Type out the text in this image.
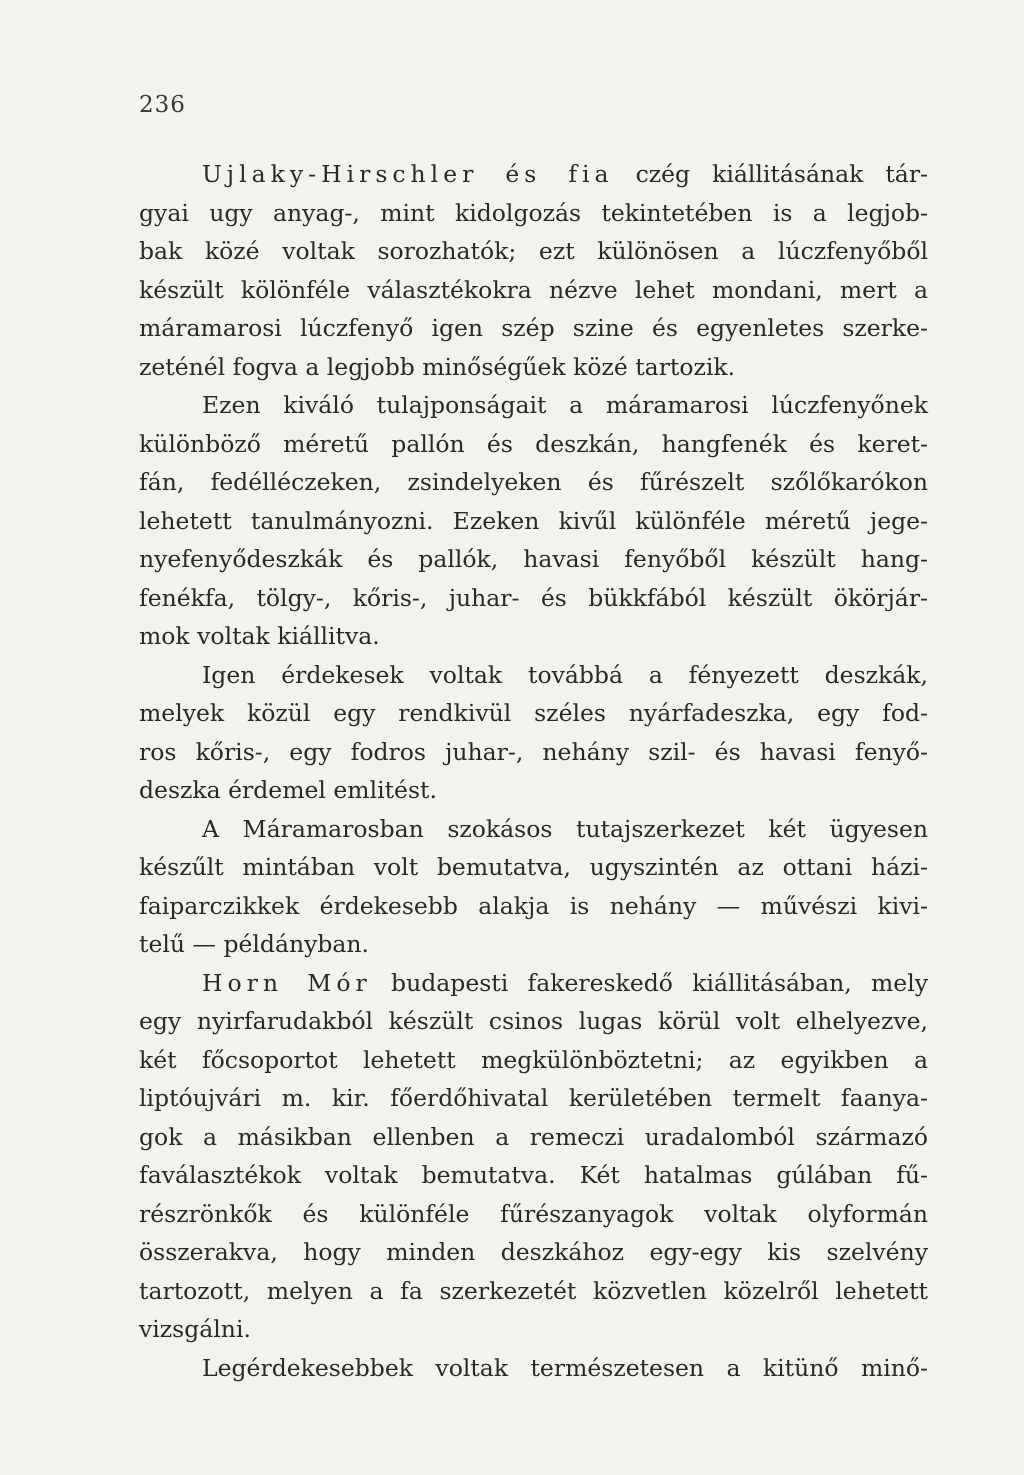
236
Ujlaky-Hirschler és fia czég kiállitásának tár-
gyai ugy anyag-, mint kidolgozás tekintetében is a legjob-
bak közé voltak sorozhatók; ezt különösen a lúczfenyőből
készült kölönféle választékokra nézve lehet mondani, mert a
máramarosi lúczfenyő igen szép szine és egyenletes szerke-
zeténél fogva a legjobb minőségűek közé tartozik.
Ezen kiváló tulajponságait a máramarosi lúczfenyőnek
különböző méretű pallón és deszkán, hangfenék és keret-
fán, fedélléczeken, zsindelyeken és fűrészelt szőlőkarókon
lehetett tanulmányozni. Ezeken kivűl különféle méretű jege-
nyefenyődeszkák és pallók, havasi fenyőből készült hang-
fenékfa, tölgy-, kőris-, juhar- és bükkfából készült ökörjár-
mok voltak kiállitva.
Igen érdekesek voltak továbbá a fényezett deszkák,
melyek közül egy rendkivül széles nyárfadeszka, egy fod-
ros kőris-, egy fodros juhar-, nehány szil- és havasi fenyő-
deszka érdemel emlitést.
A Máramarosban szokásos tutajszerkezet két ügyesen
készűlt mintában volt bemutatva, ugyszintén az ottani házi-
faiparczikkek érdekesebb alakja is nehány — művészi kivi-
telű — példányban.
Horn Mór budapesti fakereskedő kiállitásában, mely
egy nyirfarudakból készült csinos lugas körül volt elhelyezve,
két főcsoportot lehetett megkülönböztetni; az egyikben a
liptóujvári m. kir. főerdőhivatal kerületében termelt faanya-
gok a másikban ellenben a remeczi uradalomból származó
faválasztékok voltak bemutatva. Két hatalmas gúlában fű-
részrönkők és különféle fűrészanyagok voltak olyformán
összerakva, hogy minden deszkához egy-egy kis szelvény
tartozott, melyen a fa szerkezetét közvetlen közelről lehetett
vizsgálni.
Legérdekesebbek voltak természetesen a kitünő minő-
